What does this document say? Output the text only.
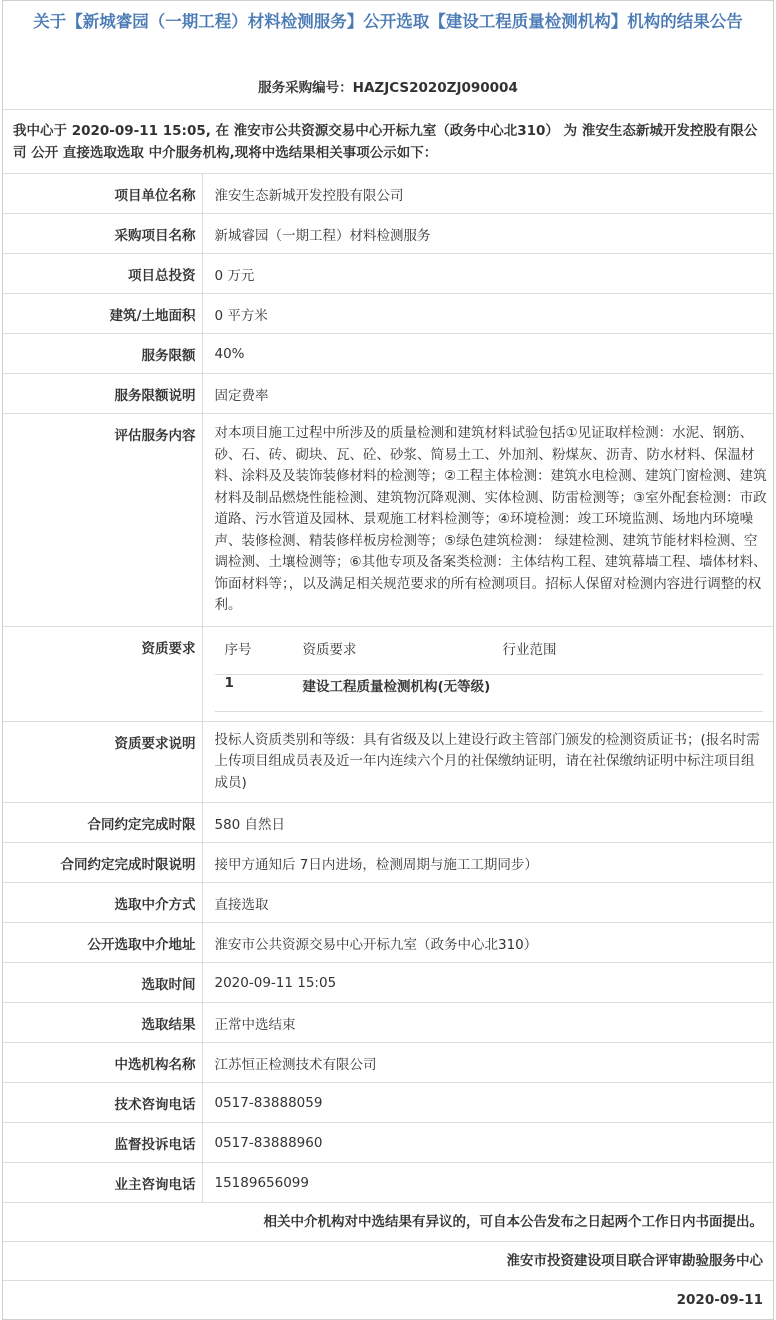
关于【新城睿园（一期工程）材料检测服务】公开选取【建设工程质量检测机构】机构的结果公告
服务采购编号：HAZJCS2020ZJ090004
我中心于 2020-09-11 15:05, 在 淮安市公共资源交易中心开标九室（政务中心北310） 为 淮安生态新城开发控股有限公司 公开 直接选取选取 中介服务机构,现将中选结果相关事项公示如下：
项目单位名称	淮安生态新城开发控股有限公司
采购项目名称	新城睿园（一期工程）材料检测服务
项目总投资	0 万元
建筑/土地面积	0 平方米
服务限额	40%
服务限额说明	固定费率
评估服务内容	对本项目施工过程中所涉及的质量检测和建筑材料试验包括①见证取样检测：水泥、钢筋、砂、石、砖、砌块、瓦、砼、砂浆、简易土工、外加剂、粉煤灰、沥青、防水材料、保温材料、涂料及及装饰装修材料的检测等；②工程主体检测：建筑水电检测、建筑门窗检测、建筑材料及制品燃烧性能检测、建筑物沉降观测、实体检测、防雷检测等；③室外配套检测：市政道路、污水管道及园林、景观施工材料检测等；④环境检测：竣工环境监测、场地内环境噪声、装修检测、精装修样板房检测等；⑤绿色建筑检测： 绿建检测、建筑节能材料检测、空调检测、土壤检测等；⑥其他专项及备案类检测：主体结构工程、建筑幕墙工程、墙体材料、饰面材料等；，以及满足相关规范要求的所有检测项目。招标人保留对检测内容进行调整的权利。

资质要求	序号	资质要求	行业范围
1	建设工程质量检测机构(无等级)	

资质要求说明	投标人资质类别和等级：具有省级及以上建设行政主管部门颁发的检测资质证书；(报名时需上传项目组成员表及近一年内连续六个月的社保缴纳证明，请在社保缴纳证明中标注项目组成员)

合同约定完成时限	580 自然日
合同约定完成时限说明	接甲方通知后 7日内进场，检测周期与施工工期同步）
选取中介方式	直接选取
公开选取中介地址	淮安市公共资源交易中心开标九室（政务中心北310）
选取时间	2020-09-11 15:05
选取结果	正常中选结束
中选机构名称	江苏恒正检测技术有限公司
技术咨询电话	0517-83888059
监督投诉电话	0517-83888960
业主咨询电话	15189656099
相关中介机构对中选结果有异议的，可自本公告发布之日起两个工作日内书面提出。
淮安市投资建设项目联合评审勘验服务中心
2020-09-11
